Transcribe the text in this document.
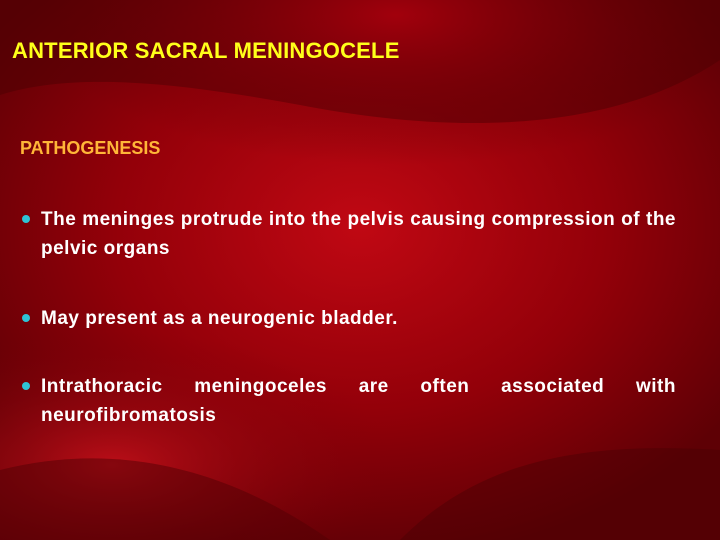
ANTERIOR SACRAL MENINGOCELE
PATHOGENESIS
The meninges protrude into the pelvis causing compression of the pelvic organs
May present as a neurogenic bladder.
Intrathoracic meningoceles are often associated with neurofibromatosis
